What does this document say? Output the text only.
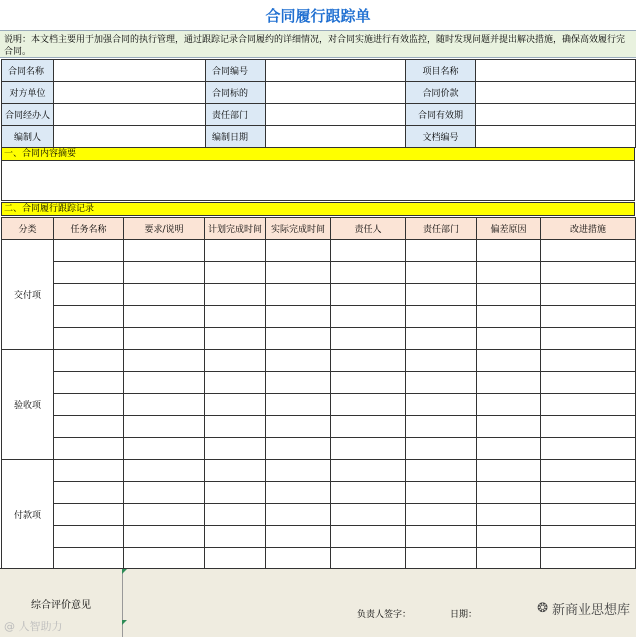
合同履行跟踪单
说明：本文档主要用于加强合同的执行管理，通过跟踪记录合同履约的详细情况，对合同实施进行有效监控，随时发现问题并提出解决措施，确保高效履行完合同。
合同名称		合同编号		项目名称	
对方单位		合同标的		合同价款	
合同经办人		责任部门		合同有效期	
编制人		编制日期		文档编号	
一、合同内容摘要
二、合同履行跟踪记录
分类	任务名称	要求/说明	计划完成时间	实际完成时间	责任人	责任部门	偏差原因	改进措施
交付项								

验收项								

付款项								

综合评价意见
负责人签字：	日期：	❂ 新商业思想库
@ 人智助力
